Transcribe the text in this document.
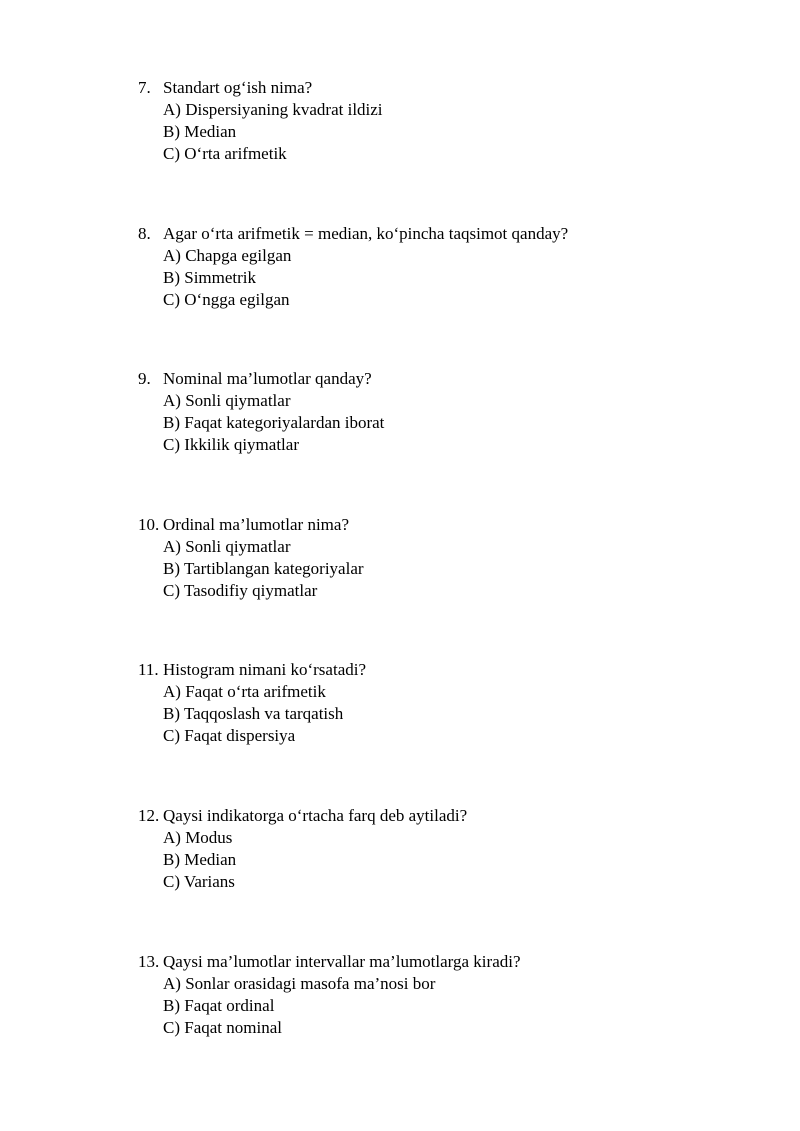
7. Standart og‘ish nima?
A) Dispersiyaning kvadrat ildizi
B) Median
C) O‘rta arifmetik
8. Agar o‘rta arifmetik = median, ko‘pincha taqsimot qanday?
A) Chapga egilgan
B) Simmetrik
C) O‘ngga egilgan
9. Nominal ma’lumotlar qanday?
A) Sonli qiymatlar
B) Faqat kategoriyalardan iborat
C) Ikkilik qiymatlar
10. Ordinal ma’lumotlar nima?
A) Sonli qiymatlar
B) Tartiblangan kategoriyalar
C) Tasodifiy qiymatlar
11. Histogram nimani ko‘rsatadi?
A) Faqat o‘rta arifmetik
B) Taqqoslash va tarqatish
C) Faqat dispersiya
12. Qaysi indikatorga o‘rtacha farq deb aytiladi?
A) Modus
B) Median
C) Varians
13. Qaysi ma’lumotlar intervallar ma’lumotlarga kiradi?
A) Sonlar orasidagi masofa ma’nosi bor
B) Faqat ordinal
C) Faqat nominal
